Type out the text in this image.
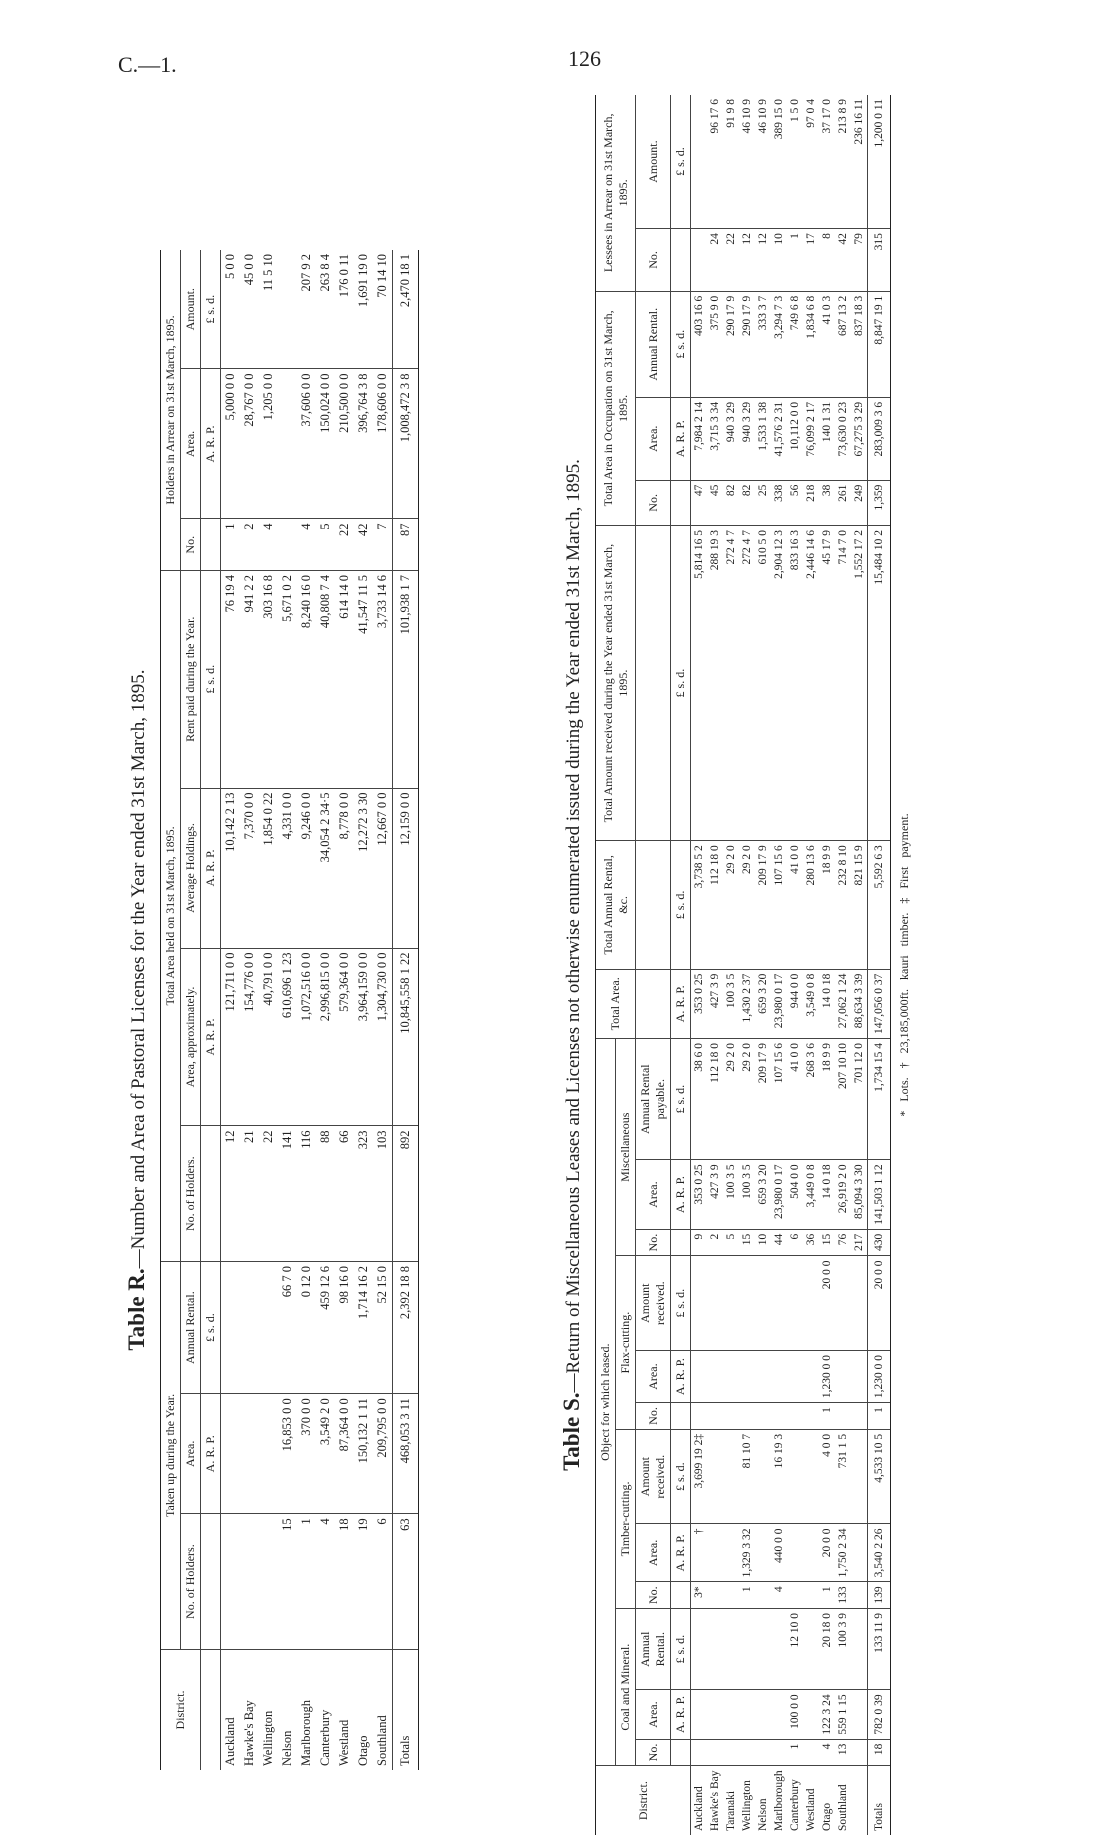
C.—1.	126
Table R.—Number and Area of Pastoral Licenses for the Year ended 31st March, 1895.
District.	Taken up during the Year.			Total Area held on 31st March, 1895.				Holders in Arrear on 31st March, 1895.		
	No. of Holders.	Area.	Annual Rental.	No. of Holders.	Area, approximately.	Average Holdings.	Rent paid during the Year.	No.	Area.	Amount.
		A. R. P.	£ s. d.		A. R. P.	A. R. P.	£ s. d.		A. R. P.	£ s. d.
Auckland				12	121,711 0 0	10,142 2 13	76 19 4	1	5,000 0 0	5 0 0
Hawke's Bay				21	154,776 0 0	7,370 0 0	941 2 2	2	28,767 0 0	45 0 0
Wellington				22	40,791 0 0	1,854 0 22	303 16 8	4	1,205 0 0	11 5 10
Nelson	15	16,853 0 0	66 7 0	141	610,696 1 23	4,331 0 0	5,671 0 2			
Marlborough	1	370 0 0	0 12 0	116	1,072,516 0 0	9,246 0 0	8,240 16 0	4	37,606 0 0	207 9 2
Canterbury	4	3,549 2 0	459 12 6	88	2,996,815 0 0	34,054 2 34·5	40,808 7 4	5	150,024 0 0	263 8 4
Westland	18	87,364 0 0	98 16 0	66	579,364 0 0	8,778 0 0	614 14 0	22	210,500 0 0	176 0 11
Otago	19	150,132 1 11	1,714 16 2	323	3,964,159 0 0	12,272 3 30	41,547 11 5	42	396,764 3 8	1,691 19 0
Southland	6	209,795 0 0	52 15 0	103	1,304,730 0 0	12,667 0 0	3,733 14 6	7	178,606 0 0	70 14 10
Totals	63	468,053 3 11	2,392 18 8	892	10,845,558 1 22	12,159 0 0	101,938 1 7	87	1,008,472 3 8	2,470 18 1
Table S.—Return of Miscellaneous Leases and Licenses not otherwise enumerated issued during the Year ended 31st March, 1895.
District.	Object for which leased.												Total Area.	Total Annual Rental, &c.	Total Amount received during the Year ended 31st March, 1895.	Total Area in Occupation on 31st March, 1895.			Lessees in Arrear on 31st March, 1895.	
	Coal and Mineral.			Timber-cutting.			Flax-cutting.			Miscellaneous										
	No.	Area.	Annual Rental.	No.	Area.	Amount received.	No.	Area.	Amount received.	No.	Area.	Annual Rental payable.				No.	Area.	Annual Rental.	No.	Amount.
		A. R. P.	£ s. d.		A. R. P.	£ s. d.		A. R. P.	£ s. d.		A. R. P.	£ s. d.	A. R. P.	£ s. d.	£ s. d.		A. R. P.	£ s. d.		£ s. d.
Auckland				3*	†	3,699 19 2‡				9	353 0 25	38 6 0	353 0 25	3,738 5 2	5,814 16 5	47	7,984 2 14	403 16 6		
Hawke's Bay										2	427 3 9	112 18 0	427 3 9	112 18 0	288 19 3	45	3,715 3 34	375 9 0	24	96 17 6
Taranaki										5	100 3 5	29 2 0	100 3 5	29 2 0	272 4 7	82	940 3 29	290 17 9	22	91 9 8
Wellington				1	1,329 3 32	81 10 7				15	100 3 5	29 2 0	1,430 2 37	29 2 0	272 4 7	82	940 3 29	290 17 9	12	46 10 9
Nelson										10	659 3 20	209 17 9	659 3 20	209 17 9	610 5 0	25	1,533 1 38	333 3 7	12	46 10 9
Marlborough				4	440 0 0	16 19 3				44	23,980 0 17	107 15 6	23,980 0 17	107 15 6	2,904 12 3	338	41,576 2 31	3,294 7 3	10	389 15 0
Canterbury	1	100 0 0	12 10 0							6	504 0 0	41 0 0	944 0 0	41 0 0	833 16 3	56	10,112 0 0	749 6 8	1	1 5 0
Westland										36	3,449 0 8	268 3 6	3,549 0 8	280 13 6	2,446 14 6	218	76,099 2 17	1,834 6 8	17	97 0 4
Otago	4	122 3 24	20 18 0	1	20 0 0	4 0 0	1	1,230 0 0	20 0 0	15	14 0 18	18 9 9	14 0 18	18 9 9	45 17 9	38	140 1 31	41 0 3	8	37 17 0
Southland	13	559 1 15	100 3 9	133	1,750 2 34	731 1 5				76	26,919 2 0	207 10 10	27,062 1 24	232 8 10	714 7 0	261	73,630 0 23	687 13 2	42	213 8 9
										217	85,094 3 30	701 12 0	88,634 3 39	821 15 9	1,552 17 2	249	67,275 3 29	837 18 3	79	236 16 11
Totals	18	782 0 39	133 11 9	139	3,540 2 26	4,533 10 5	1	1,230 0 0	20 0 0	430	141,503 1 12	1,734 15 4	147,056 0 37	5,592 6 3	15,484 10 2	1,359	283,009 3 6	8,847 19 1	315	1,200 0 11
* Lots. † 23,185,000ft. kauri timber. ‡ First payment.
